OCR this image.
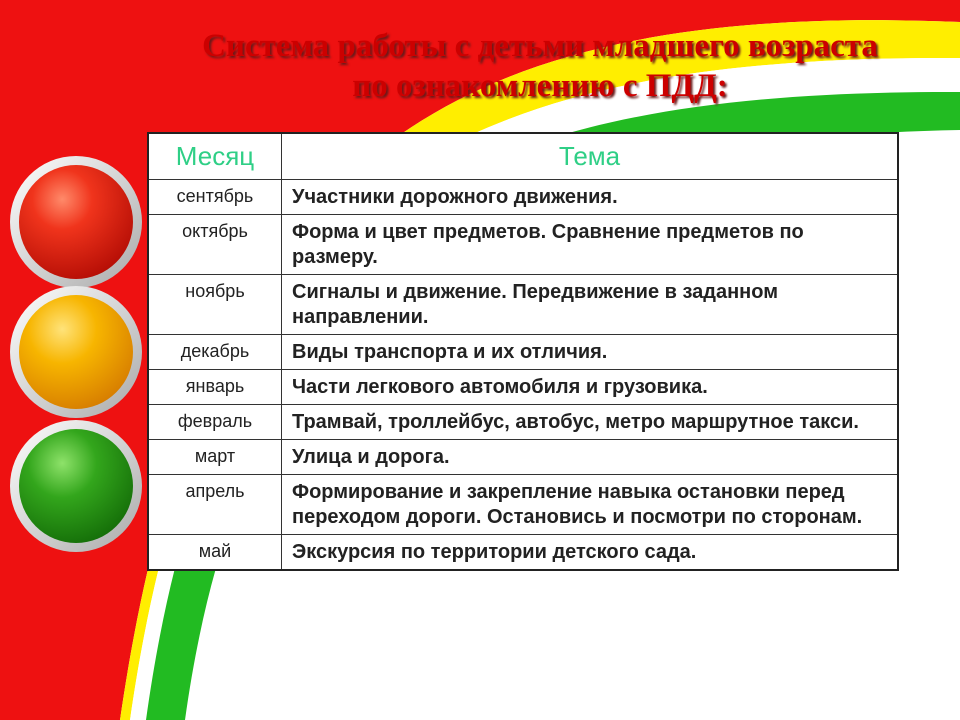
Система работы с детьми младшего возраста
по ознакомлению с ПДД:
Месяц	Тема
сентябрь	Участники дорожного движения.
октябрь	Форма и цвет предметов. Сравнение предметов по размеру.
ноябрь	Сигналы и движение. Передвижение в заданном направлении.
декабрь	Виды транспорта и их отличия.
январь	Части легкового автомобиля и грузовика.
февраль	Трамвай, троллейбус, автобус, метро маршрутное такси.
март	Улица и дорога.
апрель	Формирование и закрепление навыка остановки перед переходом дороги. Остановись и посмотри по сторонам.
май	Экскурсия по территории детского сада.
